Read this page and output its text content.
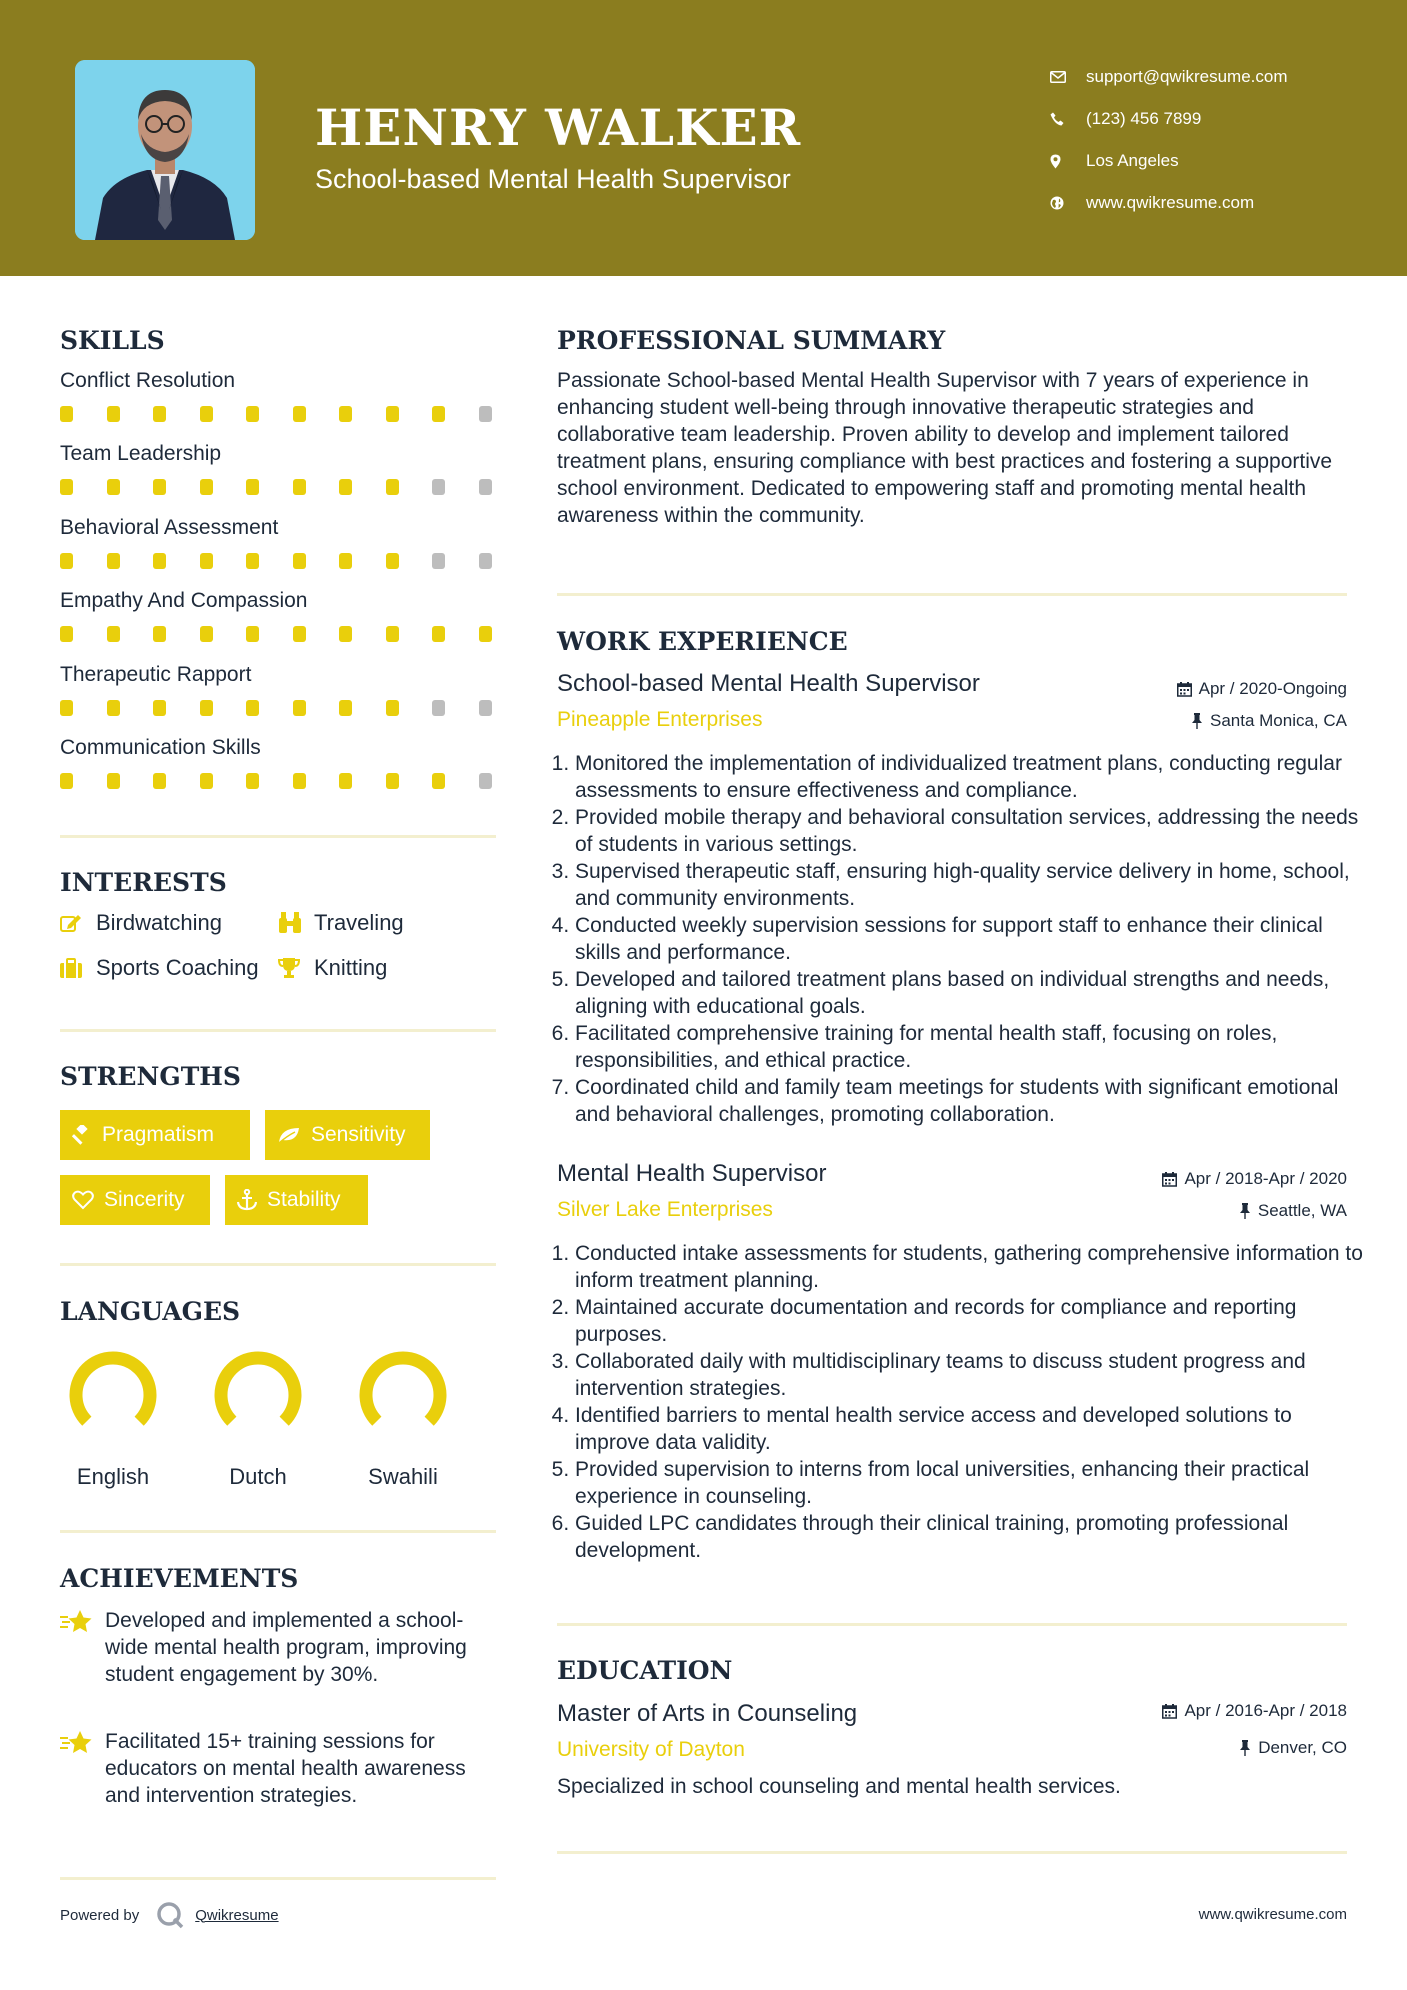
HENRY WALKER
School-based Mental Health Supervisor
support@qwikresume.com
(123) 456 7899
Los Angeles
www.qwikresume.com
SKILLS
Conflict Resolution
Team Leadership
Behavioral Assessment
Empathy And Compassion
Therapeutic Rapport
Communication Skills
INTERESTS
Birdwatching	Traveling
Sports Coaching	Knitting
STRENGTHS
Pragmatism	Sensitivity
Sincerity	Stability
LANGUAGES
English	Dutch	Swahili
ACHIEVEMENTS
Developed and implemented a school-wide mental health program, improving student engagement by 30%.
Facilitated 15+ training sessions for educators on mental health awareness and intervention strategies.
PROFESSIONAL SUMMARY
Passionate School-based Mental Health Supervisor with 7 years of experience in enhancing student well-being through innovative therapeutic strategies and collaborative team leadership. Proven ability to develop and implement tailored treatment plans, ensuring compliance with best practices and fostering a supportive school environment. Dedicated to empowering staff and promoting mental health awareness within the community.
WORK EXPERIENCE
School-based Mental Health Supervisor	Apr / 2020-Ongoing
Pineapple Enterprises	Santa Monica, CA
1. Monitored the implementation of individualized treatment plans, conducting regular assessments to ensure effectiveness and compliance.
2. Provided mobile therapy and behavioral consultation services, addressing the needs of students in various settings.
3. Supervised therapeutic staff, ensuring high-quality service delivery in home, school, and community environments.
4. Conducted weekly supervision sessions for support staff to enhance their clinical skills and performance.
5. Developed and tailored treatment plans based on individual strengths and needs, aligning with educational goals.
6. Facilitated comprehensive training for mental health staff, focusing on roles, responsibilities, and ethical practice.
7. Coordinated child and family team meetings for students with significant emotional and behavioral challenges, promoting collaboration.
Mental Health Supervisor	Apr / 2018-Apr / 2020
Silver Lake Enterprises	Seattle, WA
1. Conducted intake assessments for students, gathering comprehensive information to inform treatment planning.
2. Maintained accurate documentation and records for compliance and reporting purposes.
3. Collaborated daily with multidisciplinary teams to discuss student progress and intervention strategies.
4. Identified barriers to mental health service access and developed solutions to improve data validity.
5. Provided supervision to interns from local universities, enhancing their practical experience in counseling.
6. Guided LPC candidates through their clinical training, promoting professional development.
EDUCATION
Master of Arts in Counseling	Apr / 2016-Apr / 2018
University of Dayton	Denver, CO
Specialized in school counseling and mental health services.
Powered by	Qwikresume	www.qwikresume.com
